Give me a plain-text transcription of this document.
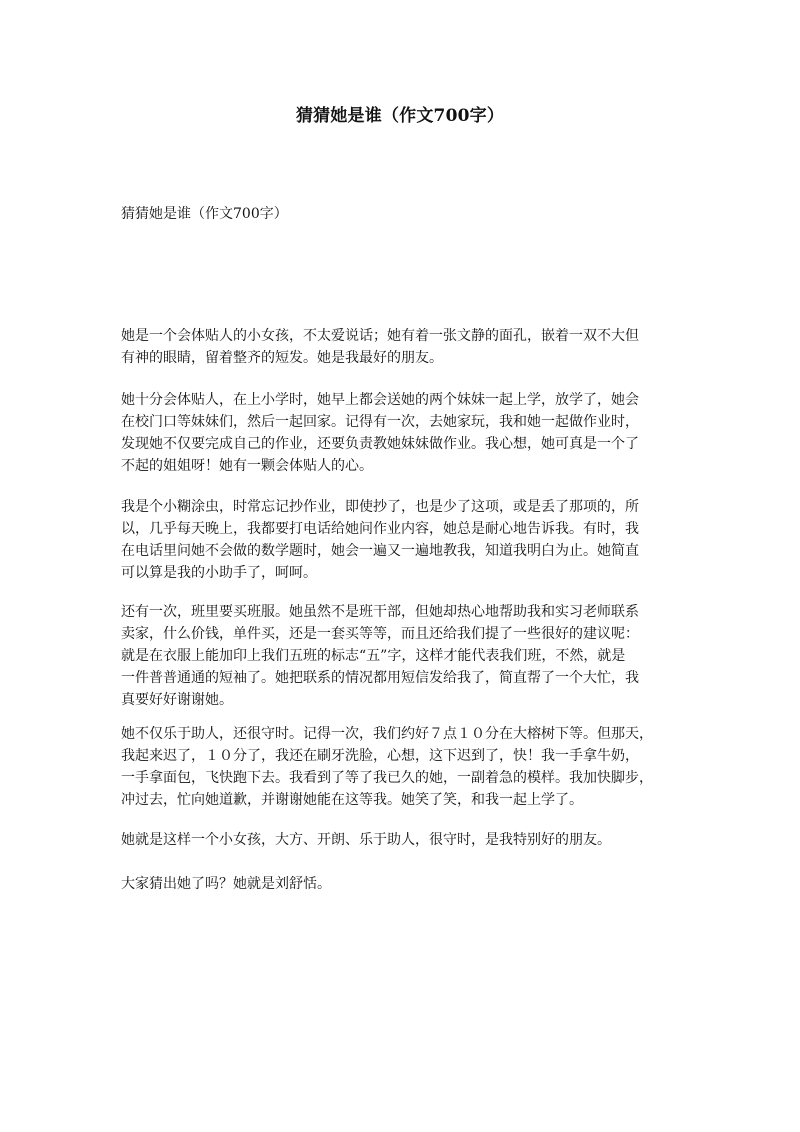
猜猜她是谁（作文700字）
猜猜她是谁（作文700字）

她是一个会体贴人的小女孩，不太爱说话；她有着一张文静的面孔，嵌着一双不大但
有神的眼睛，留着整齐的短发。她是我最好的朋友。

她十分会体贴人，在上小学时，她早上都会送她的两个妹妹一起上学，放学了，她会
在校门口等妹妹们，然后一起回家。记得有一次，去她家玩，我和她一起做作业时，
发现她不仅要完成自己的作业，还要负责教她妹妹做作业。我心想，她可真是一个了
不起的姐姐呀！她有一颗会体贴人的心。

我是个小糊涂虫，时常忘记抄作业，即使抄了，也是少了这项，或是丢了那项的，所
以，几乎每天晚上，我都要打电话给她问作业内容，她总是耐心地告诉我。有时，我
在电话里问她不会做的数学题时，她会一遍又一遍地教我，知道我明白为止。她简直
可以算是我的小助手了，呵呵。

还有一次，班里要买班服。她虽然不是班干部，但她却热心地帮助我和实习老师联系
卖家，什么价钱，单件买，还是一套买等等，而且还给我们提了一些很好的建议呢：
就是在衣服上能加印上我们五班的标志“五”字，这样才能代表我们班，不然，就是
一件普普通通的短袖了。她把联系的情况都用短信发给我了，简直帮了一个大忙，我
真要好好谢谢她。

她不仅乐于助人，还很守时。记得一次，我们约好７点１０分在大榕树下等。但那天，
我起来迟了，１０分了，我还在刷牙洗脸，心想，这下迟到了，快！我一手拿牛奶，
一手拿面包，飞快跑下去。我看到了等了我已久的她，一副着急的模样。我加快脚步，
冲过去，忙向她道歉，并谢谢她能在这等我。她笑了笑，和我一起上学了。

她就是这样一个小女孩，大方、开朗、乐于助人，很守时，是我特别好的朋友。

大家猜出她了吗？她就是刘舒恬。
